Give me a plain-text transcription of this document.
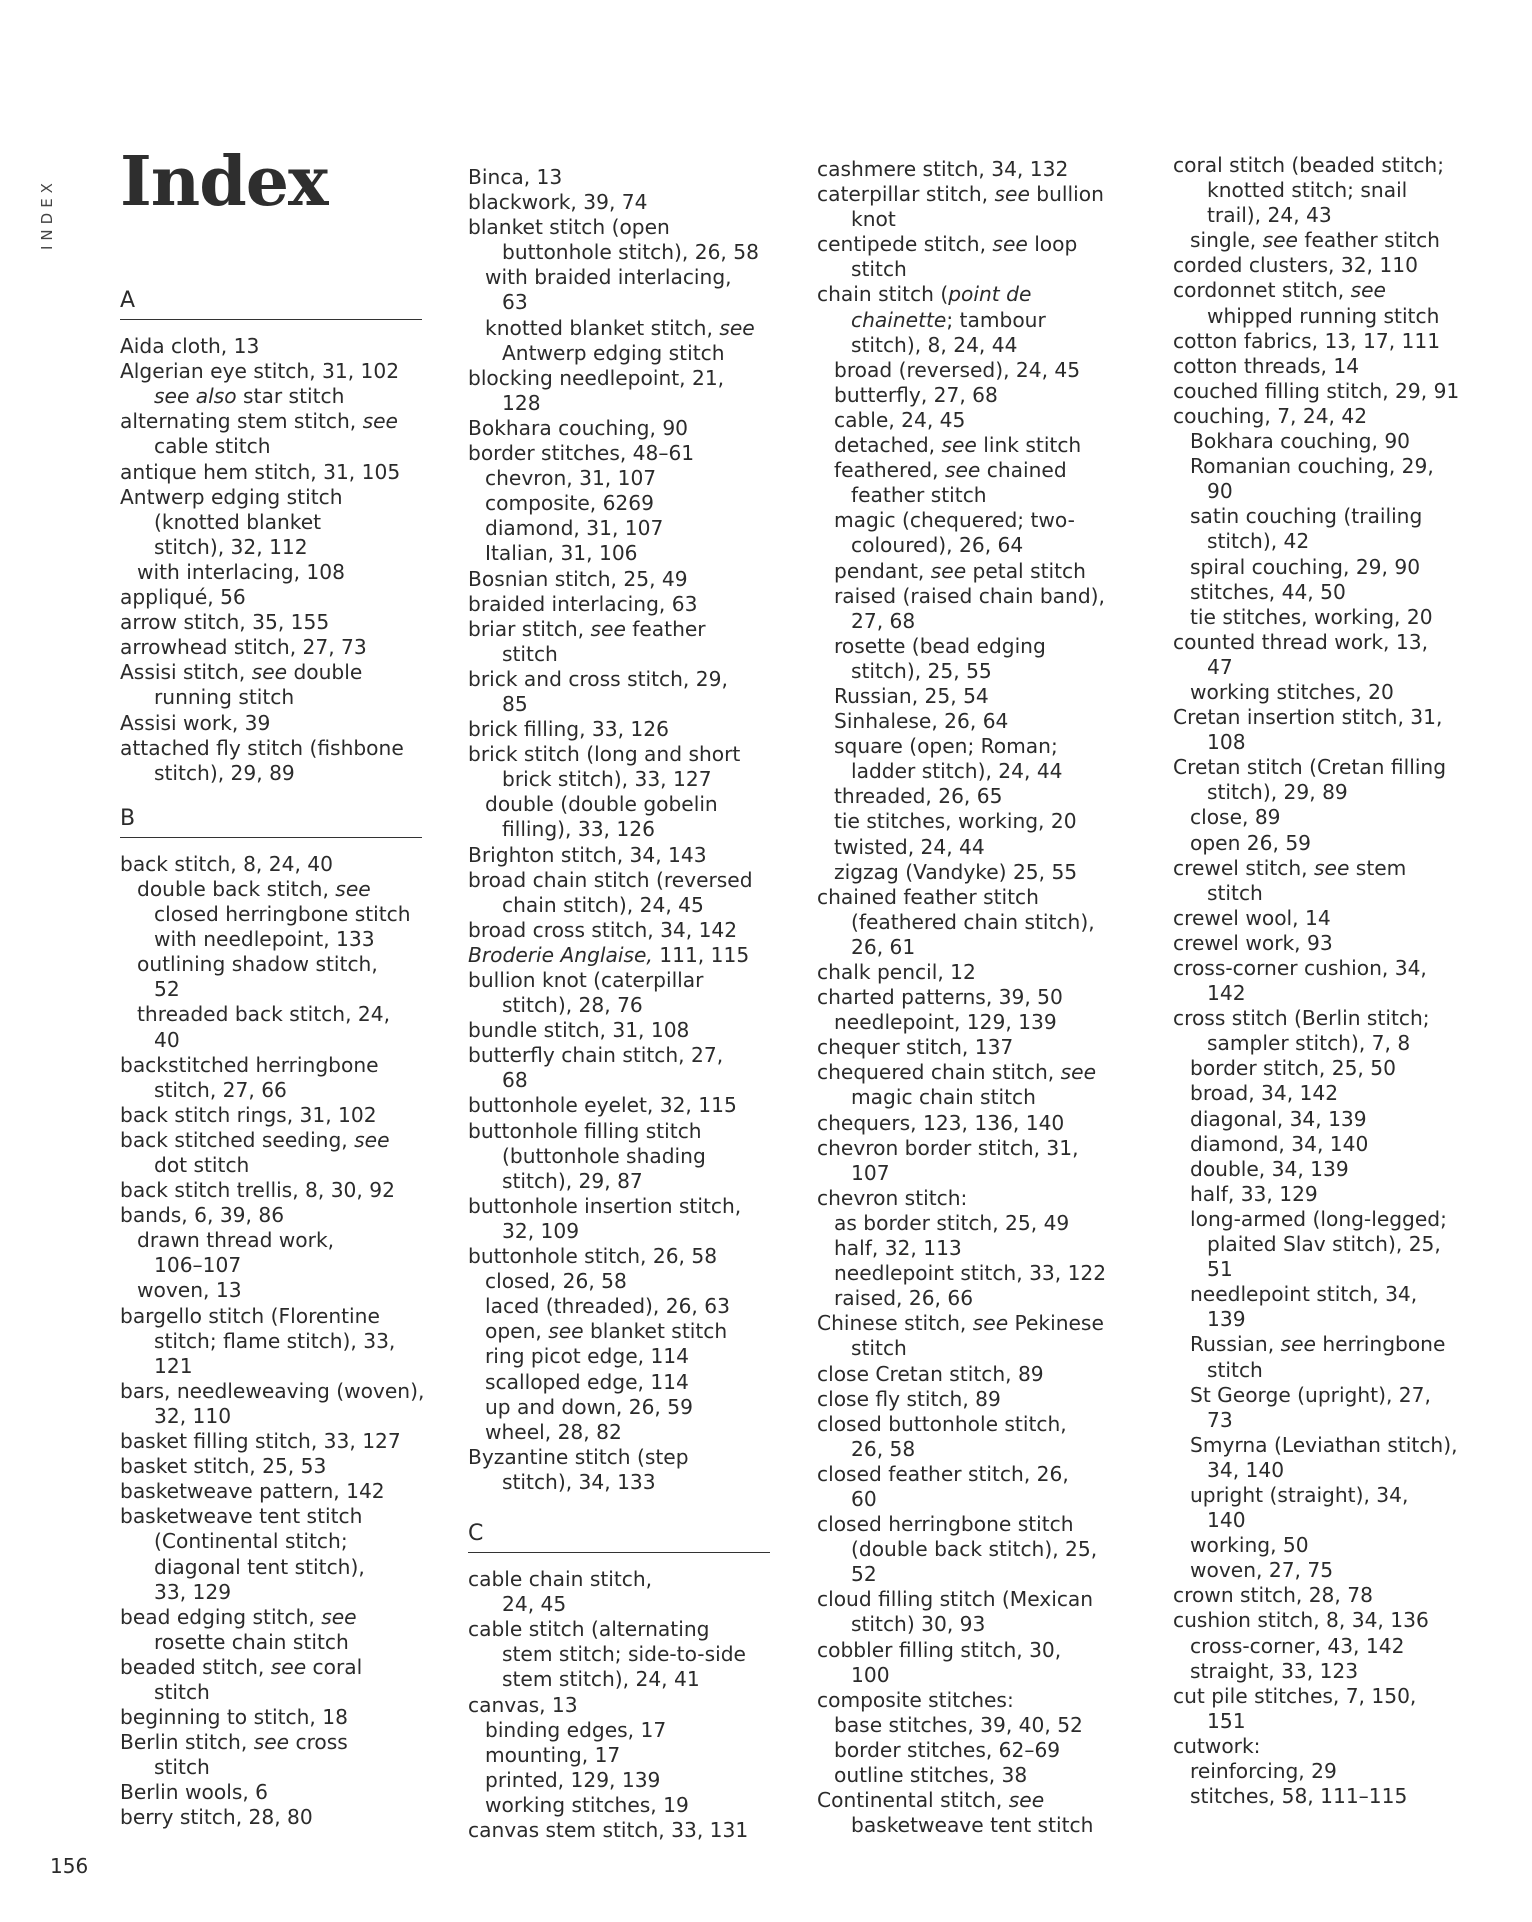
INDEX Index
A
Aida cloth, 13
Algerian eye stitch, 31, 102
see also star stitch
alternating stem stitch, see
cable stitch
antique hem stitch, 31, 105
Antwerp edging stitch
(knotted blanket
stitch), 32, 112
with interlacing, 108
appliqué, 56
arrow stitch, 35, 155
arrowhead stitch, 27, 73
Assisi stitch, see double
running stitch
Assisi work, 39
attached fly stitch (fishbone
stitch), 29, 89
B
back stitch, 8, 24, 40
double back stitch, see
closed herringbone stitch
with needlepoint, 133
outlining shadow stitch,
52
threaded back stitch, 24,
40
backstitched herringbone
stitch, 27, 66
back stitch rings, 31, 102
back stitched seeding, see
dot stitch
back stitch trellis, 8, 30, 92
bands, 6, 39, 86
drawn thread work,
106–107
woven, 13
bargello stitch (Florentine
stitch; flame stitch), 33,
121
bars, needleweaving (woven),
32, 110
basket filling stitch, 33, 127
basket stitch, 25, 53
basketweave pattern, 142
basketweave tent stitch
(Continental stitch;
diagonal tent stitch),
33, 129
bead edging stitch, see
rosette chain stitch
beaded stitch, see coral
stitch
beginning to stitch, 18
Berlin stitch, see cross
stitch
Berlin wools, 6
berry stitch, 28, 80
Binca, 13
blackwork, 39, 74
blanket stitch (open
buttonhole stitch), 26, 58
with braided interlacing,
63
knotted blanket stitch, see
Antwerp edging stitch
blocking needlepoint, 21,
128
Bokhara couching, 90
border stitches, 48–61
chevron, 31, 107
composite, 6269
diamond, 31, 107
Italian, 31, 106
Bosnian stitch, 25, 49
braided interlacing, 63
briar stitch, see feather
stitch
brick and cross stitch, 29,
85
brick filling, 33, 126
brick stitch (long and short
brick stitch), 33, 127
double (double gobelin
filling), 33, 126
Brighton stitch, 34, 143
broad chain stitch (reversed
chain stitch), 24, 45
broad cross stitch, 34, 142
Broderie Anglaise, 111, 115
bullion knot (caterpillar
stitch), 28, 76
bundle stitch, 31, 108
butterfly chain stitch, 27,
68
buttonhole eyelet, 32, 115
buttonhole filling stitch
(buttonhole shading
stitch), 29, 87
buttonhole insertion stitch,
32, 109
buttonhole stitch, 26, 58
closed, 26, 58
laced (threaded), 26, 63
open, see blanket stitch
ring picot edge, 114
scalloped edge, 114
up and down, 26, 59
wheel, 28, 82
Byzantine stitch (step
stitch), 34, 133
C
cable chain stitch,
24, 45
cable stitch (alternating
stem stitch; side-to-side
stem stitch), 24, 41
canvas, 13
binding edges, 17
mounting, 17
printed, 129, 139
working stitches, 19
canvas stem stitch, 33, 131
cashmere stitch, 34, 132
caterpillar stitch, see bullion
knot
centipede stitch, see loop
stitch
chain stitch (point de
chainette; tambour
stitch), 8, 24, 44
broad (reversed), 24, 45
butterfly, 27, 68
cable, 24, 45
detached, see link stitch
feathered, see chained
feather stitch
magic (chequered; two-
coloured), 26, 64
pendant, see petal stitch
raised (raised chain band),
27, 68
rosette (bead edging
stitch), 25, 55
Russian, 25, 54
Sinhalese, 26, 64
square (open; Roman;
ladder stitch), 24, 44
threaded, 26, 65
tie stitches, working, 20
twisted, 24, 44
zigzag (Vandyke) 25, 55
chained feather stitch
(feathered chain stitch),
26, 61
chalk pencil, 12
charted patterns, 39, 50
needlepoint, 129, 139
chequer stitch, 137
chequered chain stitch, see
magic chain stitch
chequers, 123, 136, 140
chevron border stitch, 31,
107
chevron stitch:
as border stitch, 25, 49
half, 32, 113
needlepoint stitch, 33, 122
raised, 26, 66
Chinese stitch, see Pekinese
stitch
close Cretan stitch, 89
close fly stitch, 89
closed buttonhole stitch,
26, 58
closed feather stitch, 26,
60
closed herringbone stitch
(double back stitch), 25,
52
cloud filling stitch (Mexican
stitch) 30, 93
cobbler filling stitch, 30,
100
composite stitches:
base stitches, 39, 40, 52
border stitches, 62–69
outline stitches, 38
Continental stitch, see
basketweave tent stitch
coral stitch (beaded stitch;
knotted stitch; snail
trail), 24, 43
single, see feather stitch
corded clusters, 32, 110
cordonnet stitch, see
whipped running stitch
cotton fabrics, 13, 17, 111
cotton threads, 14
couched filling stitch, 29, 91
couching, 7, 24, 42
Bokhara couching, 90
Romanian couching, 29,
90
satin couching (trailing
stitch), 42
spiral couching, 29, 90
stitches, 44, 50
tie stitches, working, 20
counted thread work, 13,
47
working stitches, 20
Cretan insertion stitch, 31,
108
Cretan stitch (Cretan filling
stitch), 29, 89
close, 89
open 26, 59
crewel stitch, see stem
stitch
crewel wool, 14
crewel work, 93
cross-corner cushion, 34,
142
cross stitch (Berlin stitch;
sampler stitch), 7, 8
border stitch, 25, 50
broad, 34, 142
diagonal, 34, 139
diamond, 34, 140
double, 34, 139
half, 33, 129
long-armed (long-legged;
plaited Slav stitch), 25,
51
needlepoint stitch, 34,
139
Russian, see herringbone
stitch
St George (upright), 27,
73
Smyrna (Leviathan stitch),
34, 140
upright (straight), 34,
140
working, 50
woven, 27, 75
crown stitch, 28, 78
cushion stitch, 8, 34, 136
cross-corner, 43, 142
straight, 33, 123
cut pile stitches, 7, 150,
151
cutwork:
reinforcing, 29
stitches, 58, 111–115
156
